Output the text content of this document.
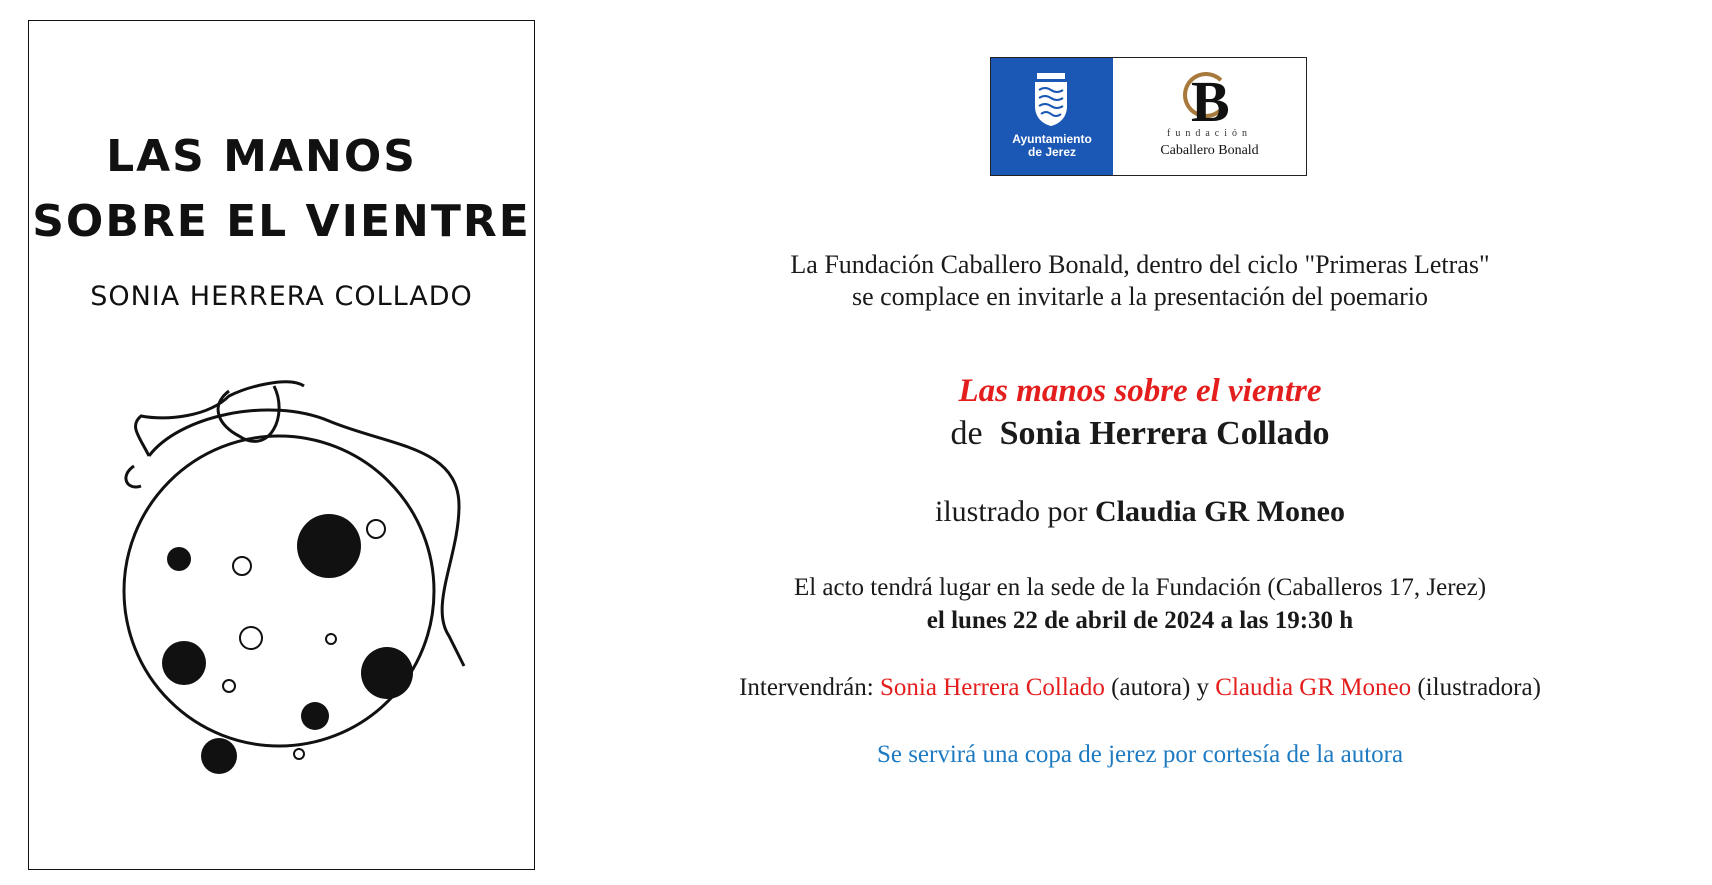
LAS MANOS
SOBRE EL VIENTRE
SONIA HERRERA COLLADO
Ayuntamiento
de Jerez
B
fundación
Caballero Bonald
La Fundación Caballero Bonald, dentro del ciclo "Primeras Letras"
se complace en invitarle a la presentación del poemario
Las manos sobre el vientre
de Sonia Herrera Collado
ilustrado por Claudia GR Moneo
El acto tendrá lugar en la sede de la Fundación (Caballeros 17, Jerez)
el lunes 22 de abril de 2024 a las 19:30 h
Intervendrán: Sonia Herrera Collado (autora) y Claudia GR Moneo (ilustradora)
Se servirá una copa de jerez por cortesía de la autora
